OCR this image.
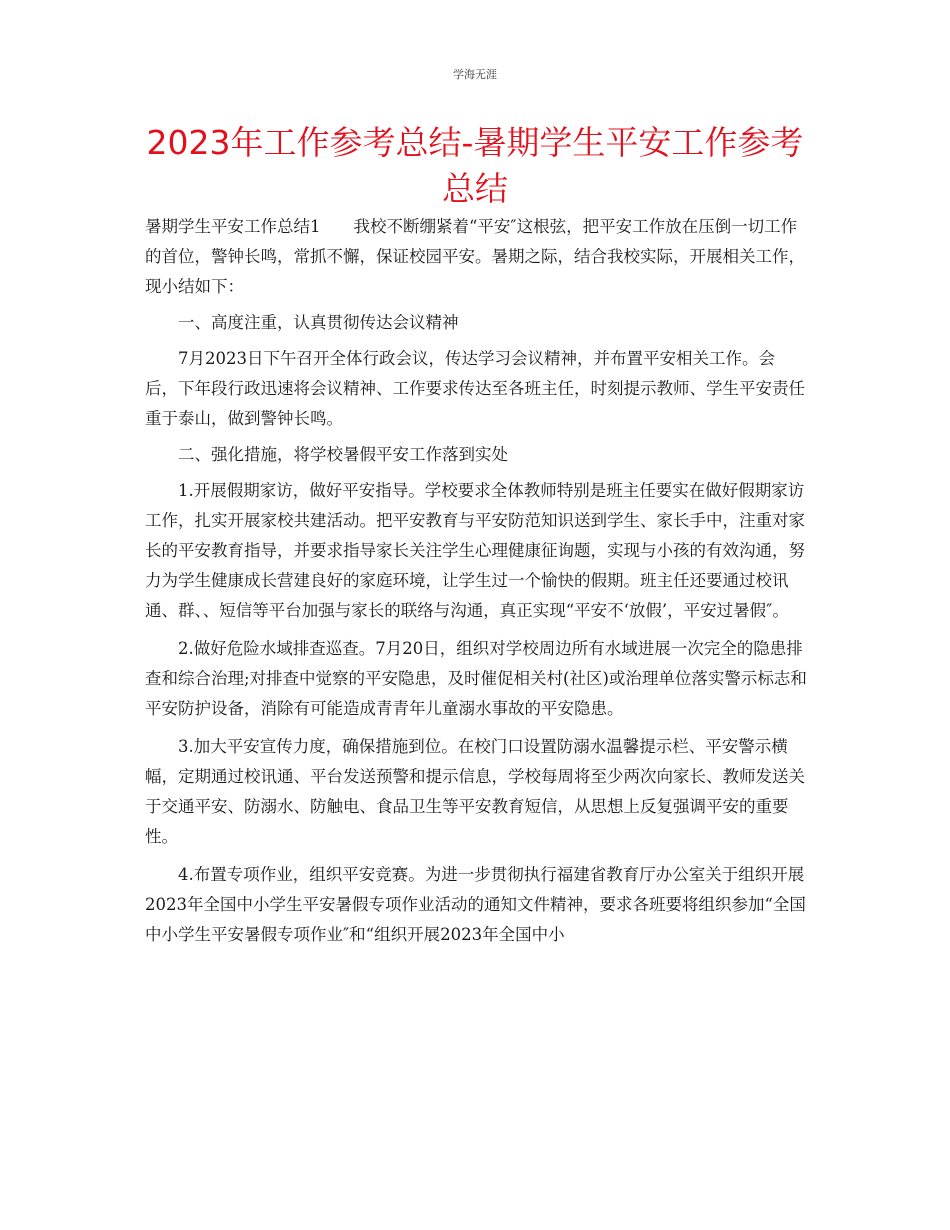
学海无涯
2023年工作参考总结-暑期学生平安工作参考总结

暑期学生平安工作总结1　　我校不断绷紧着“平安″这根弦，把平安工作放在压倒一切工作的首位，警钟长鸣，常抓不懈，保证校园平安。暑期之际，结合我校实际，开展相关工作，现小结如下：

一、高度注重，认真贯彻传达会议精神

7月2023日下午召开全体行政会议，传达学习会议精神，并布置平安相关工作。会后，下年段行政迅速将会议精神、工作要求传达至各班主任，时刻提示教师、学生平安责任重于泰山，做到警钟长鸣。

二、强化措施，将学校暑假平安工作落到实处

1.开展假期家访，做好平安指导。学校要求全体教师特别是班主任要实在做好假期家访工作，扎实开展家校共建活动。把平安教育与平安防范知识送到学生、家长手中，注重对家长的平安教育指导，并要求指导家长关注学生心理健康征询题，实现与小孩的有效沟通，努力为学生健康成长营建良好的家庭环境，让学生过一个愉快的假期。班主任还要通过校讯通、群、、短信等平台加强与家长的联络与沟通，真正实现“平安不‘放假’，平安过暑假″。

2.做好危险水域排查巡查。7月20日，组织对学校周边所有水域进展一次完全的隐患排查和综合治理;对排查中觉察的平安隐患，及时催促相关村(社区)或治理单位落实警示标志和平安防护设备，消除有可能造成青青年儿童溺水事故的平安隐患。

3.加大平安宣传力度，确保措施到位。在校门口设置防溺水温馨提示栏、平安警示横幅，定期通过校讯通、平台发送预警和提示信息，学校每周将至少两次向家长、教师发送关于交通平安、防溺水、防触电、食品卫生等平安教育短信，从思想上反复强调平安的重要性。

4.布置专项作业，组织平安竞赛。为进一步贯彻执行福建省教育厅办公室关于组织开展2023年全国中小学生平安暑假专项作业活动的通知文件精神，要求各班要将组织参加“全国中小学生平安暑假专项作业″和“组织开展2023年全国中小
